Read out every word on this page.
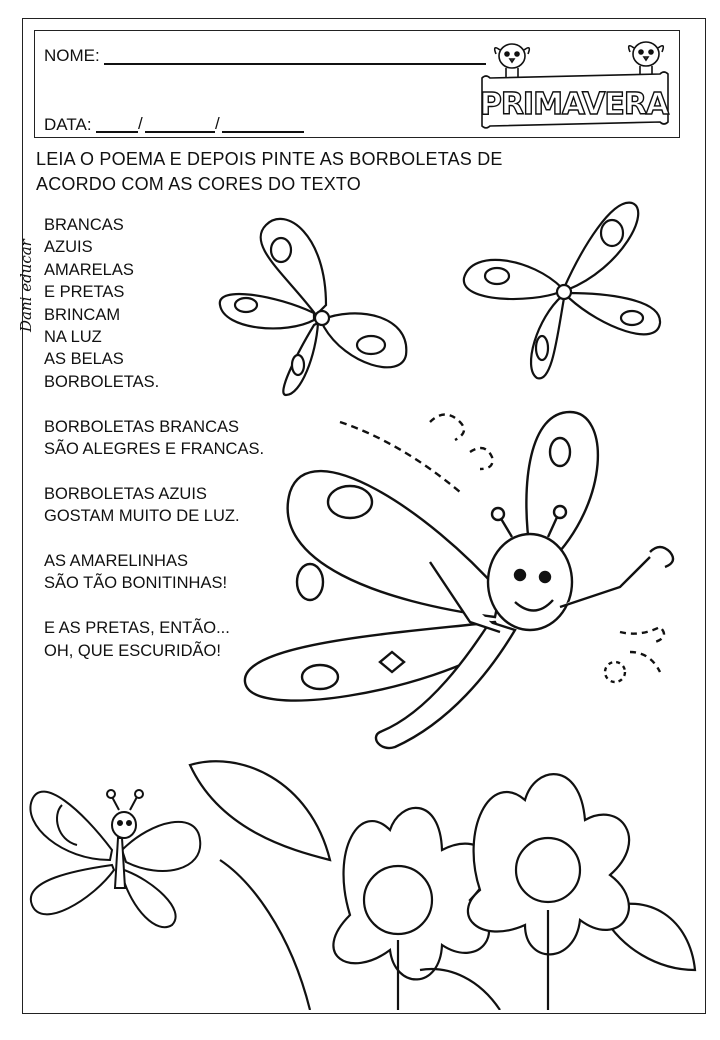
NOME:
DATA:	/	/
PRIMAVERA
LEIA O POEMA E DEPOIS PINTE AS BORBOLETAS DE
ACORDO COM AS CORES DO TEXTO
BRANCAS
AZUIS
AMARELAS
E PRETAS
BRINCAM
NA LUZ
AS BELAS
BORBOLETAS.
BORBOLETAS BRANCAS
SÃO ALEGRES E FRANCAS.
BORBOLETAS AZUIS
GOSTAM MUITO DE LUZ.
AS AMARELINHAS
SÃO TÃO BONITINHAS!
E AS PRETAS, ENTÃO...
OH, QUE ESCURIDÃO!
Dani educar
